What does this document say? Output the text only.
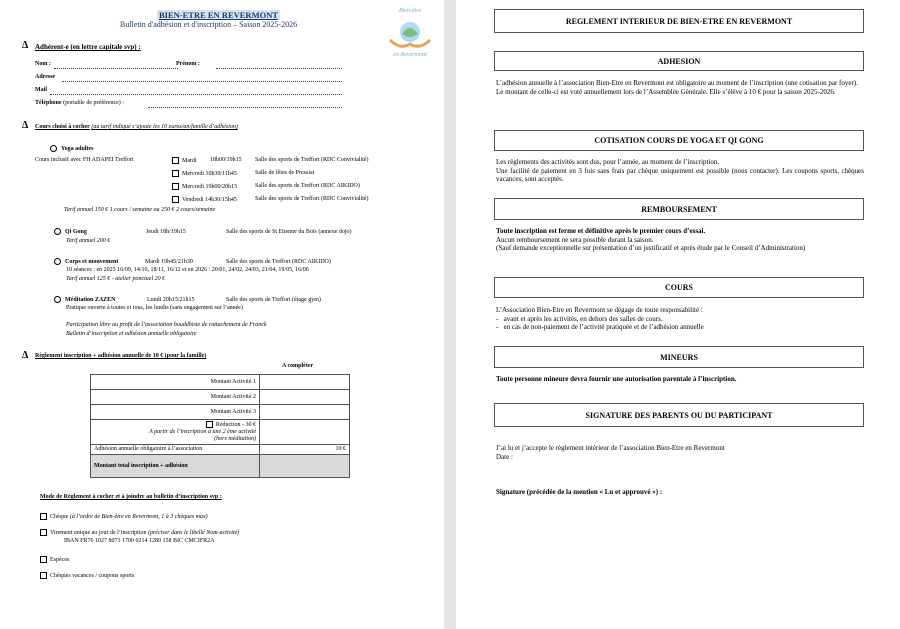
BIEN-ETRE EN REVERMONT
Bulletin d'adhésion et d'inscription – Saison 2025-2026
Bien-être
en Revermont
Δ Adhérent-e (en lettre capitale svp) :
Nom :	Prénom :
Adresse
Mail
Téléphone (portable de préférence) :
Δ Cours choisi à cocher (au tarif indiqué s’ajoute les 10 euros/an/famille d’adhésion)
Yoga adultes
Cours inclusif avec FH ADAPEI Treffort	Mardi 18h00/19h15 Salle des sports de Treffort (RDC Convivialité)
Mercredi 10h30/11h45	Salle de fêtes de Pressiat
Mercredi 19h00/20h15	Salle des sports de Treffort (RDC AIKIDO)
Vendredi 14h30/15h45	Salle des sports de Treffort (RDC Convivialité)
Tarif annuel 150 € 1 cours / semaine ou 250 € 2 cours/semaine
Qi Gong	Jeudi 18h/19h15	Salle des sports de St Etienne du Bois (annexe dojo)
Tarif annuel 200 €
Corps et mouvement	Mardi 19h45/21h30	Salle des sports de Treffort (RDC AIKIDO)
10 séances : en 2025 16/09, 14/10, 18/11, 16/12 et en 2026 : 20/01, 24/02, 24/03, 21/04, 19/05, 16/06
Tarif annuel 125 € - atelier ponctuel 20 €
Méditation ZAZEN	Lundi 20h15/21h15	Salle des sports de Treffort (étage gym)
Pratique ouverte à toutes et tous, les lundis (sans engagement sur l’année)
Participation libre au profit de l’association bouddhiste de rattachement de Franck
Bulletin d’inscription et adhésion annuelle obligatoire
Δ Règlement inscription + adhésion annuelle de 10 € (pour la famille)
A compléter
Montant Activité 1	
Montant Activité 2	
Montant Activité 3	

Réduction - 30 €
A partir de l’inscription à une 2 ème activité
(hors méditation)	

Adhésion annuelle obligatoire à l’association	10 €
Montant total inscription + adhésion	
Mode de Règlement à cocher et à joindre au bulletin d’inscription svp :
Chèque (à l’ordre de Bien-être en Revermont, 1 à 3 chèques max)
Virement unique au jour de l’inscription (préciser dans le libellé Nom-activité)
IBAN FR76 1027 8073 1700 0214 1280 158 BIC CMCIFR2A
Espèces
Chèques vacances / coupons sports
REGLEMENT INTERIEUR DE BIEN-ETRE EN REVERMONT
ADHESION

L’adhésion annuelle à l’association Bien-Etre en Revermont est obligatoire au moment de l’inscription (une cotisation par foyer).

Le montant de celle-ci est voté annuellement lors de l’Assemblée Générale. Elle s’élève à 10 € pour la saison 2025-2026.

COTISATION COURS DE YOGA ET QI GONG

Les règlements des activités sont dus, pour l’année, au moment de l’inscription.

Une facilité de paiement en 3 fois sans frais par chèque uniquement est possible (nous contacter). Les coupons sports, chèques vacances, sont acceptés.

REMBOURSEMENT

Toute inscription est ferme et définitive après le premier cours d’essai.

Aucun remboursement ne sera possible durant la saison.

(Sauf demande exceptionnelle sur présentation d’un justificatif et après étude par le Conseil d’Administration)

COURS

L’Association Bien-Etre en Revermont se dégage de toute responsabilité :

-   avant et après les activités, en dehors des salles de cours.

-   en cas de non-paiement de l’activité pratiquée et de l’adhésion annuelle

MINEURS
Toute personne mineure devra fournir une autorisation parentale à l’inscription.
SIGNATURE DES PARENTS OU DU PARTICIPANT

J’ai lu et j’accepte le règlement intérieur de l’association Bien-Etre en Revermont

Date :

Signature (précédée de la mention « Lu et approuvé ») :
